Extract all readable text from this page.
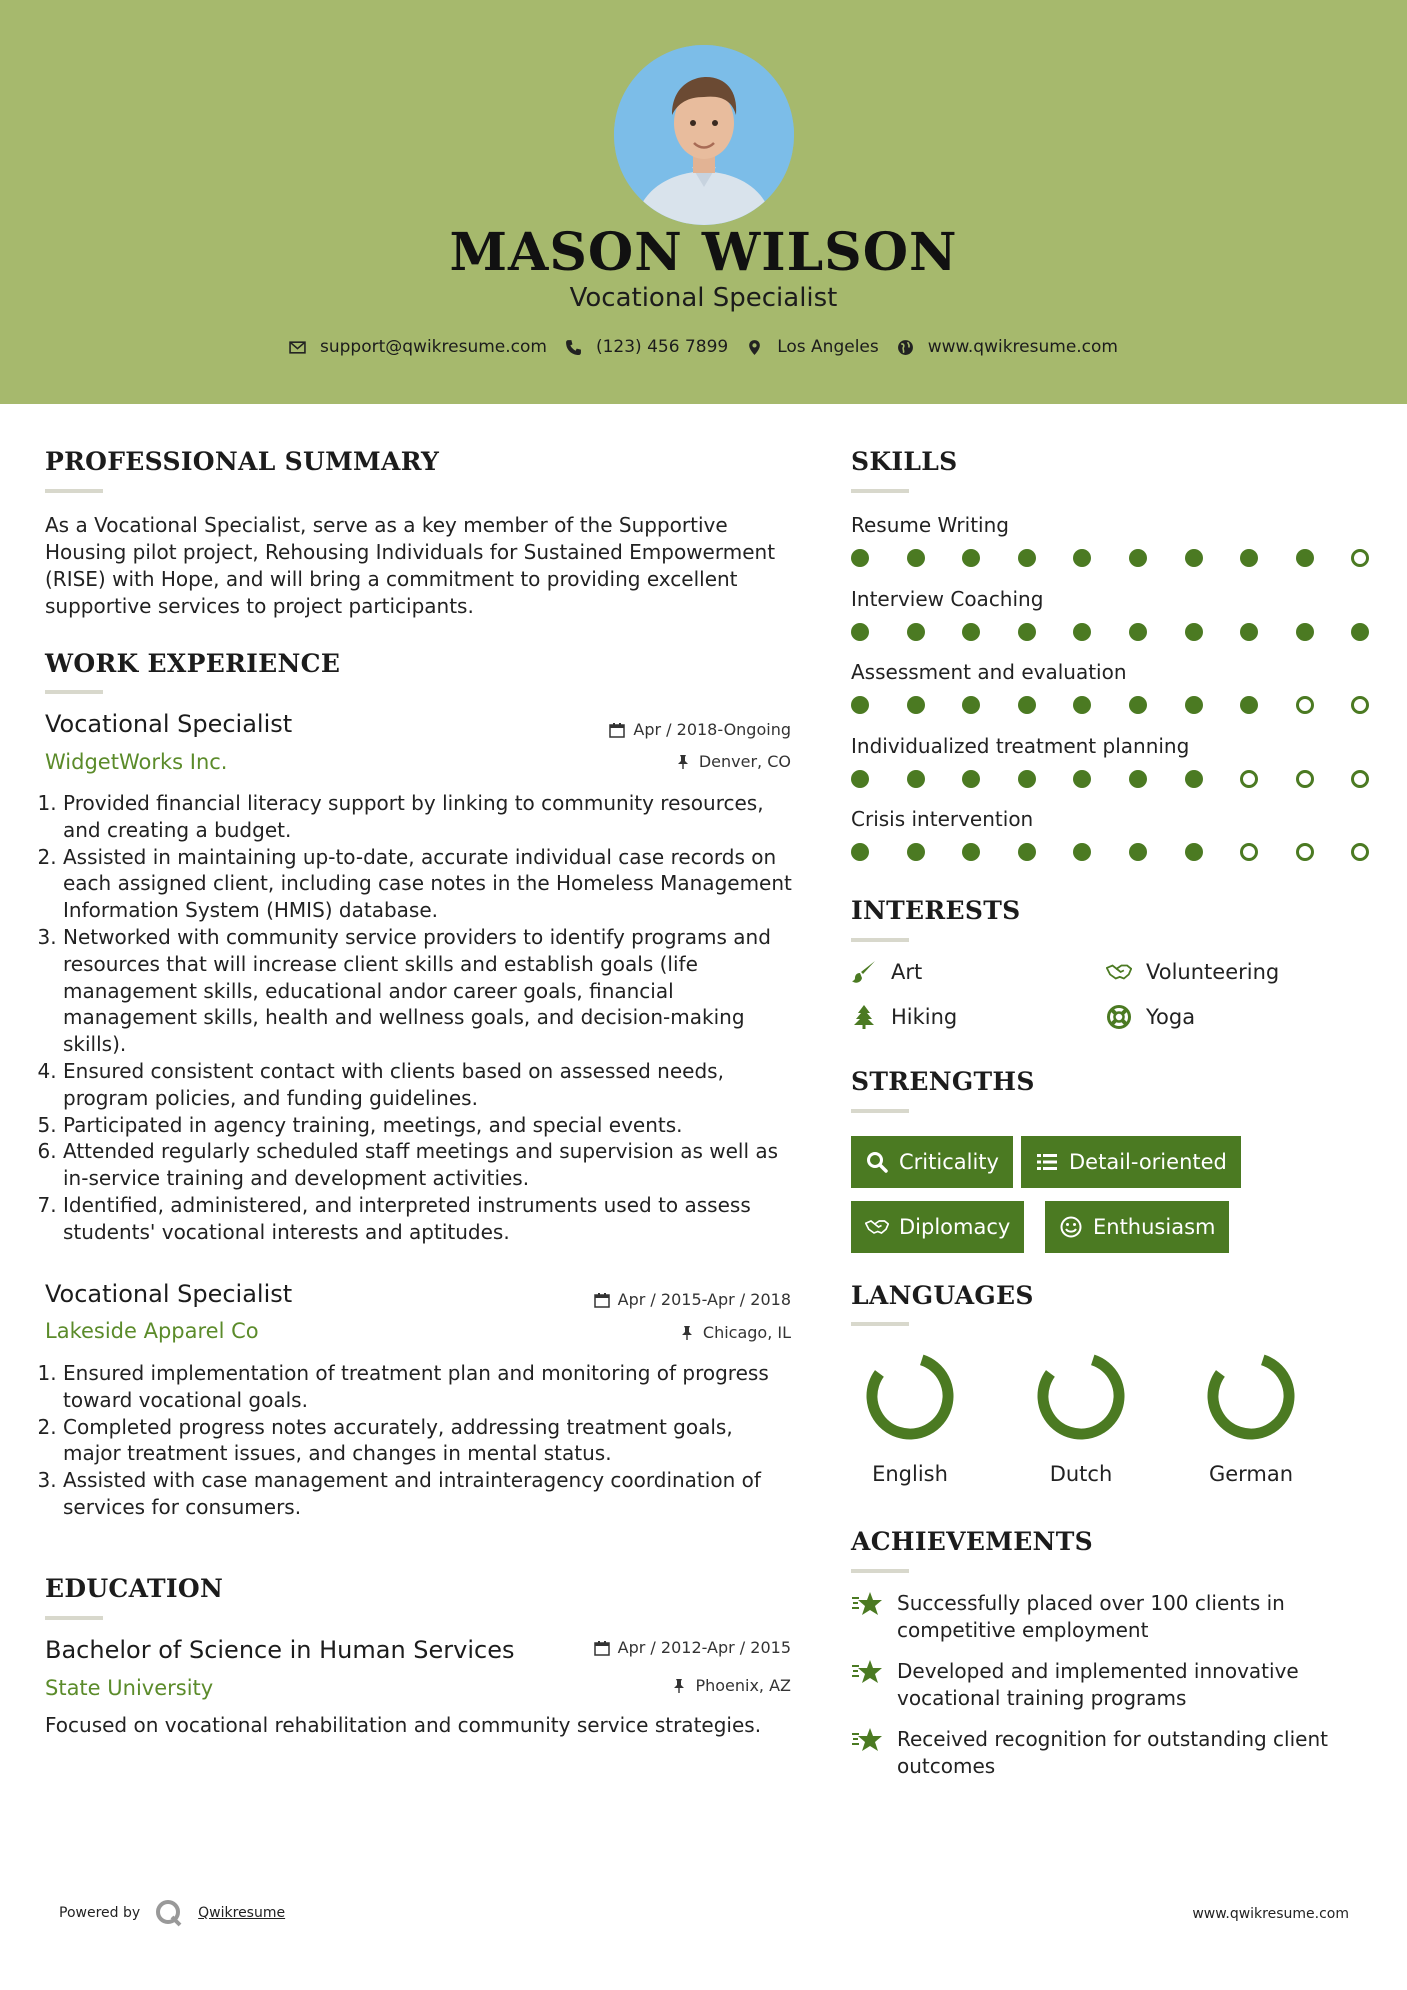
MASON WILSON
Vocational Specialist
support@qwikresume.com	(123) 456 7899	Los Angeles	www.qwikresume.com
PROFESSIONAL SUMMARY
As a Vocational Specialist, serve as a key member of the Supportive Housing pilot project, Rehousing Individuals for Sustained Empowerment (RISE) with Hope, and will bring a commitment to providing excellent supportive services to project participants.
WORK EXPERIENCE
Vocational Specialist	Apr / 2018-Ongoing
WidgetWorks Inc.	Denver, CO
1. Provided financial literacy support by linking to community resources, and creating a budget.
2. Assisted in maintaining up-to-date, accurate individual case records on each assigned client, including case notes in the Homeless Management Information System (HMIS) database.
3. Networked with community service providers to identify programs and resources that will increase client skills and establish goals (life management skills, educational andor career goals, financial management skills, health and wellness goals, and decision-making skills).
4. Ensured consistent contact with clients based on assessed needs, program policies, and funding guidelines.
5. Participated in agency training, meetings, and special events.
6. Attended regularly scheduled staff meetings and supervision as well as in-service training and development activities.
7. Identified, administered, and interpreted instruments used to assess students' vocational interests and aptitudes.
Vocational Specialist	Apr / 2015-Apr / 2018
Lakeside Apparel Co	Chicago, IL
1. Ensured implementation of treatment plan and monitoring of progress toward vocational goals.
2. Completed progress notes accurately, addressing treatment goals, major treatment issues, and changes in mental status.
3. Assisted with case management and intrainteragency coordination of services for consumers.
EDUCATION
Bachelor of Science in Human Services	Apr / 2012-Apr / 2015
State University	Phoenix, AZ
Focused on vocational rehabilitation and community service strategies.
SKILLS
Resume Writing
Interview Coaching
Assessment and evaluation
Individualized treatment planning
Crisis intervention
INTERESTS
Art	Volunteering
Hiking	Yoga
STRENGTHS
Criticality	Detail-oriented
Diplomacy	Enthusiasm
LANGUAGES
English	Dutch	German
ACHIEVEMENTS
Successfully placed over 100 clients in competitive employment
Developed and implemented innovative vocational training programs
Received recognition for outstanding client outcomes
Powered by	Qwikresume	www.qwikresume.com
